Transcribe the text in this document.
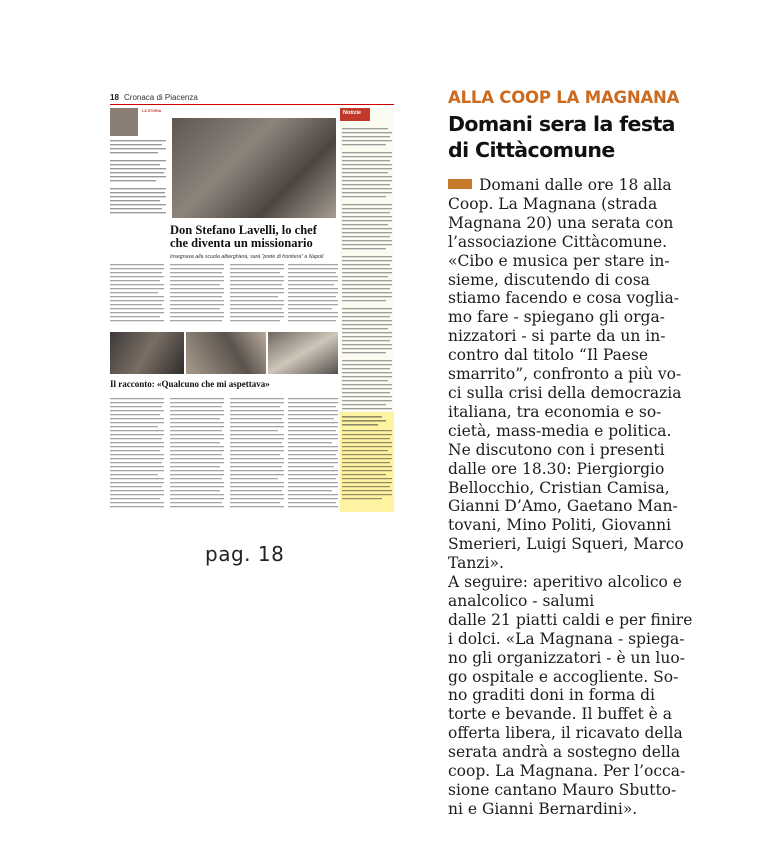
18 Cronaca di Piacenza
LA STORIA
Don Stefano Lavelli, lo chef che diventa un missionario
Insegnava alla scuola alberghiera, sarà “prete di frontiera” a Napoli
Il racconto: «Qualcuno che mi aspettava»
Notizie
pag. 18
ALLA COOP LA MAGNANA
Domani sera la festa
di Cittàcomune
Domani dalle ore 18 alla
Coop. La Magnana (strada
Magnana 20) una serata con
l’associazione Cittàcomune.
«Cibo e musica per stare in-
sieme, discutendo di cosa
stiamo facendo e cosa vogliа-
mo fare - spiegano gli orga-
nizzatori - si parte da un in-
contro dal titolo “Il Paese
smarrito”, confronto a più vo-
ci sulla crisi della democrazia
italiana, tra economia e so-
cietà, mass-media e politica.
Ne discutono con i presenti
dalle ore 18.30: Piergiorgio
Bellocchio, Cristian Camisa,
Gianni D’Amo, Gaetano Man-
tovani, Mino Politi, Giovanni
Smerieri, Luigi Squeri, Marco
Tanzi».
A seguire: aperitivo alcolico e
analcolico - salumi
dalle 21 piatti caldi e per finire
i dolci. «La Magnana - spiega-
no gli organizzatori - è un luo-
go ospitale e accogliente. So-
no graditi doni in forma di
torte e bevande. Il buffet è a
offerta libera, il ricavato della
serata andrà a sostegno della
coop. La Magnana. Per l’occa-
sione cantano Mauro Sbutto-
ni e Gianni Bernardini».
